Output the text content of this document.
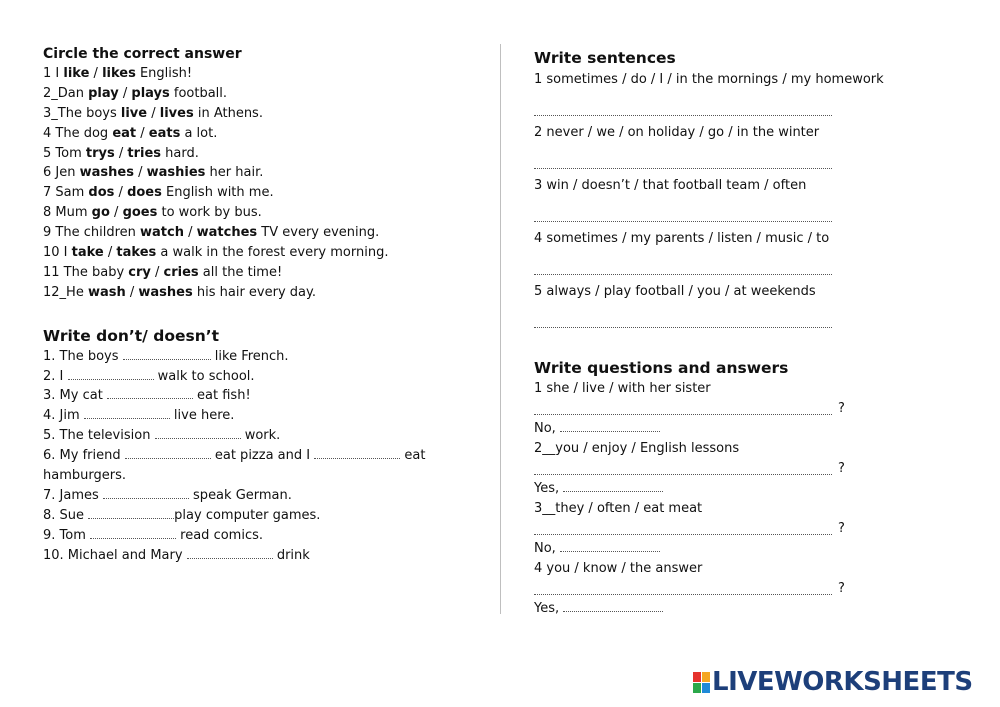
Circle the correct answer
1 I like / likes English!
2_Dan play / plays football.
3_The boys live / lives in Athens.
4 The dog eat / eats a lot.
5 Tom trys / tries hard.
6 Jen washes / washies her hair.
7 Sam dos / does English with me.
8 Mum go / goes to work by bus.
9 The children watch / watches TV every evening.
10 I take / takes a walk in the forest every morning.
11 The baby cry / cries all the time!
12_He wash / washes his hair every day.
Write don’t/ doesn’t
1. The boys	like French.
2. I	walk to school.
3. My cat	eat fish!
4. Jim	live here.
5. The television	work.
6. My friend	eat pizza and I	eat
hamburgers.
7. James	speak German.
8. Sue	play computer games.
9. Tom	read comics.
10. Michael and Mary	drink
Write sentences
1 sometimes / do / I / in the mornings / my homework
2 never / we / on holiday / go / in the winter
3 win / doesn’t / that football team / often
4 sometimes / my parents / listen / music / to
5 always / play football / you / at weekends
Write questions and answers
1 she / live / with her sister
?
No,
2__you / enjoy / English lessons
?
Yes,
3__they / often / eat meat
?
No,
4 you / know / the answer
?
Yes,
LIVEWORKSHEETS
